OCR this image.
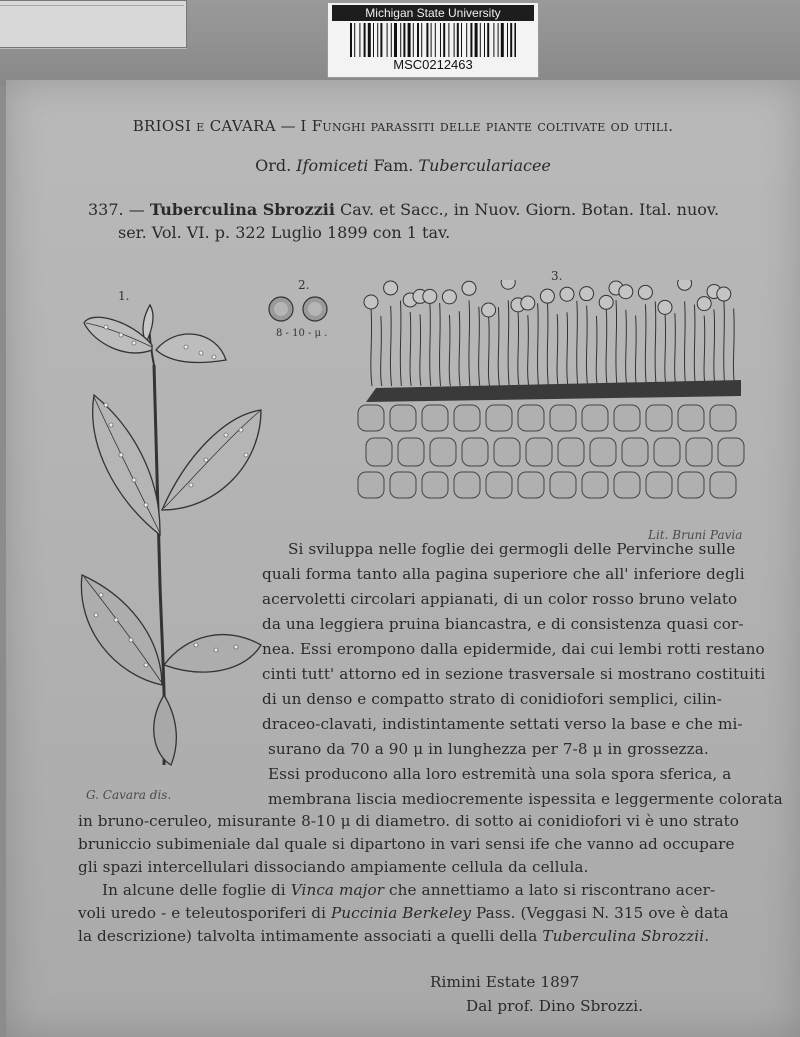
Michigan State University
MSC0212463
BRIOSI e CAVARA — I Funghi parassiti delle piante coltivate od utili.
Ord. Ifomiceti Fam. Tuberculariacee
337. — Tuberculina Sbrozzii Cav. et Sacc., in Nuov. Giorn. Botan. Ital. nuov.
ser. Vol. VI. p. 322 Luglio 1899 con 1 tav.
1.
G. Cavara dis.
2.
8 - 10 - μ .
3.
Lit. Bruni Pavia
Si sviluppa nelle foglie dei germogli delle Pervinche sulle
quali forma tanto alla pagina superiore che all' inferiore degli
acervoletti circolari appianati, di un color rosso bruno velato
da una leggiera pruina biancastra, e di consistenza quasi cor-
nea. Essi erompono dalla epidermide, dai cui lembi rotti restano
cinti tutt' attorno ed in sezione trasversale si mostrano costituiti
di un denso e compatto strato di conidiofori semplici, cilin-
draceo-clavati, indistintamente settati verso la base e che mi-
surano da 70 a 90 μ in lunghezza per 7-8 μ in grossezza.
Essi producono alla loro estremità una sola spora sferica, a
membrana liscia mediocremente ispessita e leggermente colorata
in bruno-ceruleo, misurante 8-10 μ di diametro. di sotto ai conidiofori vi è uno strato
bruniccio subimeniale dal quale si dipartono in vari sensi ife che vanno ad occupare
gli spazi intercellulari dissociando ampiamente cellula da cellula.
In alcune delle foglie di Vinca major che annettiamo a lato si riscontrano acer-
voli uredo - e teleutosporiferi di Puccinia Berkeley Pass. (Veggasi N. 315 ove è data
la descrizione) talvolta intimamente associati a quelli della Tuberculina Sbrozzii.
Rimini Estate 1897
Dal prof. Dino Sbrozzi.
